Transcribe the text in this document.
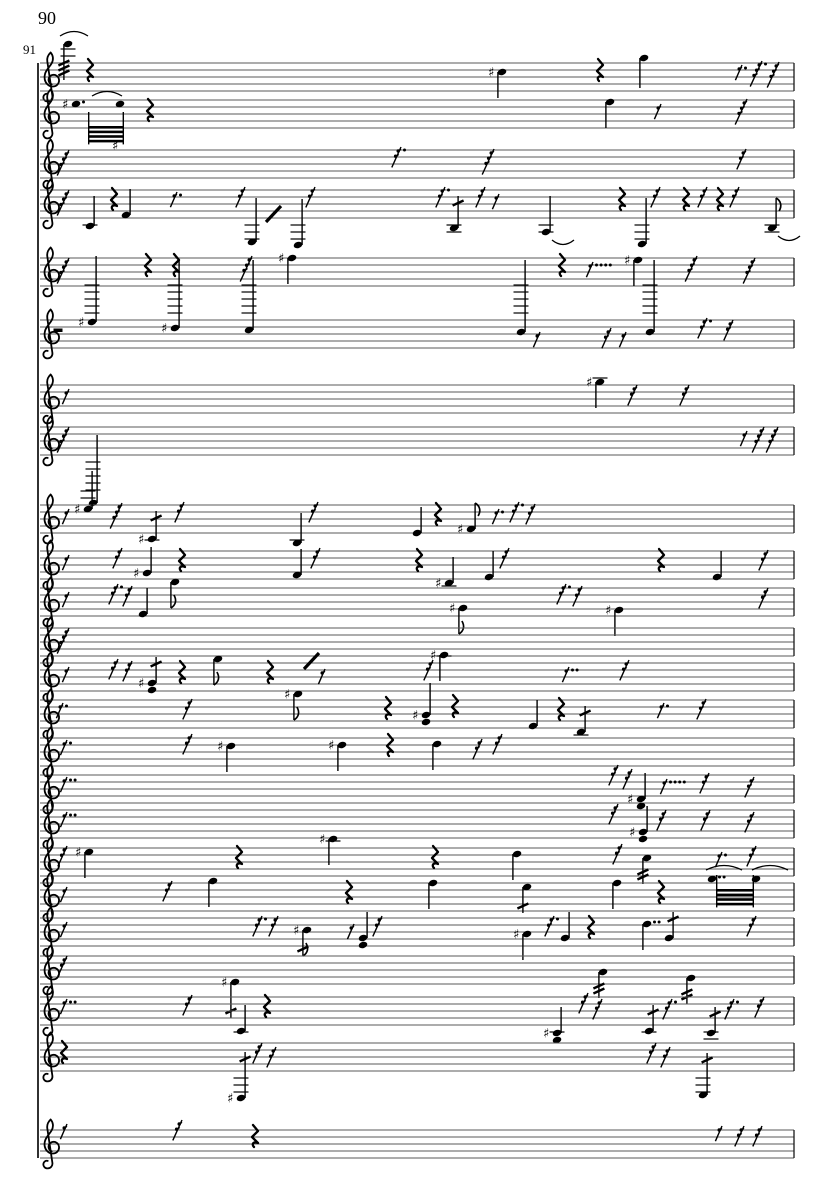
90
91
♯
♯
♯
♯	♯
♯	♯
♯
♯
♯
♯
♯
♯
♯	♯
♯
♯
♯
♯
♯	♯
♯
♯
♯
♯
♯	♯
♯
♯
♯
